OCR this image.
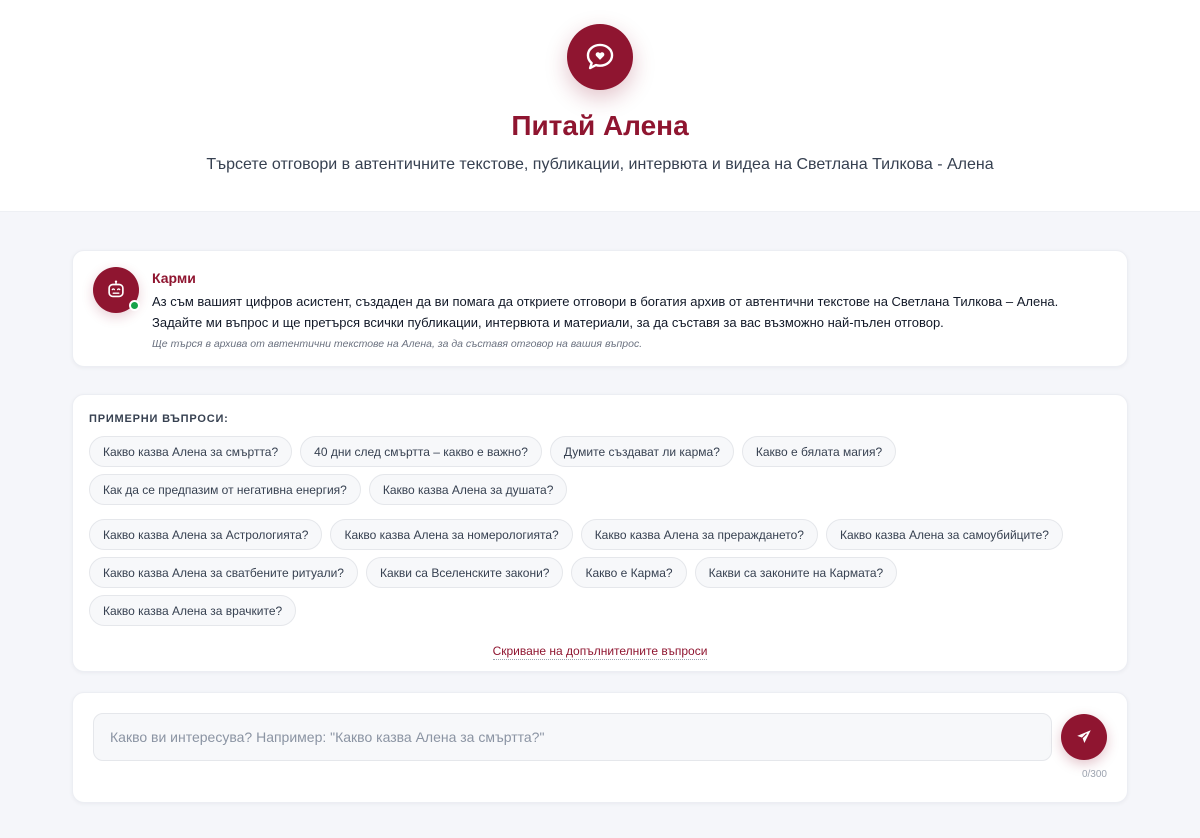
Питай Алена

Търсете отговори в автентичните текстове, публикации, интервюта и видеа на Светлана Тилкова - Алена

Карми

Аз съм вашият цифров асистент, създаден да ви помага да откриете отговори в богатия архив от автентични текстове на Светлана Тилкова – Алена. Задайте ми въпрос и ще претърся всички публикации, интервюта и материали, за да съставя за вас възможно най-пълен отговор.

Ще търся в архива от автентични текстове на Алена, за да съставя отговор на вашия въпрос.

ПРИМЕРНИ ВЪПРОСИ:
Какво казва Алена за смъртта?	40 дни след смъртта – какво е важно?	Думите създават ли карма?	Какво е бялата магия?
Как да се предпазим от негативна енергия?	Какво казва Алена за душата?
Какво казва Алена за Астрологията?	Какво казва Алена за номерологията?	Какво казва Алена за прераждането?	Какво казва Алена за самоубийците?
Какво казва Алена за сватбените ритуали?	Какви са Вселенските закони?	Какво е Карма?	Какви са законите на Кармата?
Какво казва Алена за врачките?
Скриване на допълнителните въпроси
Какво ви интересува? Например: "Какво казва Алена за смъртта?"
0/300
